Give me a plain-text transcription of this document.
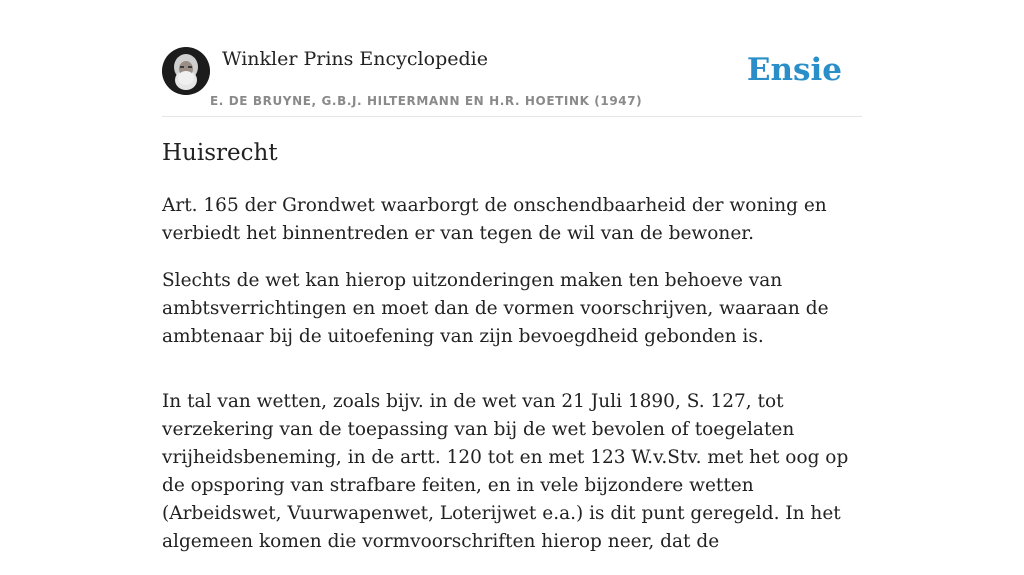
Winkler Prins Encyclopedie
E. DE BRUYNE, G.B.J. HILTERMANN EN H.R. HOETINK (1947)
Ensie
Huisrecht

Art. 165 der Grondwet waarborgt de onschendbaarheid der woning en verbiedt het binnentreden er van tegen de wil van de bewoner.

Slechts de wet kan hierop uitzonderingen maken ten behoeve van ambtsverrichtingen en moet dan de vormen voorschrijven, waaraan de ambtenaar bij de uitoefening van zijn bevoegdheid gebonden is.

In tal van wetten, zoals bijv. in de wet van 21 Juli 1890, S. 127, tot verzekering van de toepassing van bij de wet bevolen of toegelaten vrijheidsbeneming, in de artt. 120 tot en met 123 W.v.Stv. met het oog op de opsporing van strafbare feiten, en in vele bijzondere wetten (Arbeidswet, Vuurwapenwet, Loterijwet e.a.) is dit punt geregeld. In het algemeen komen die vormvoorschriften hierop neer, dat de
